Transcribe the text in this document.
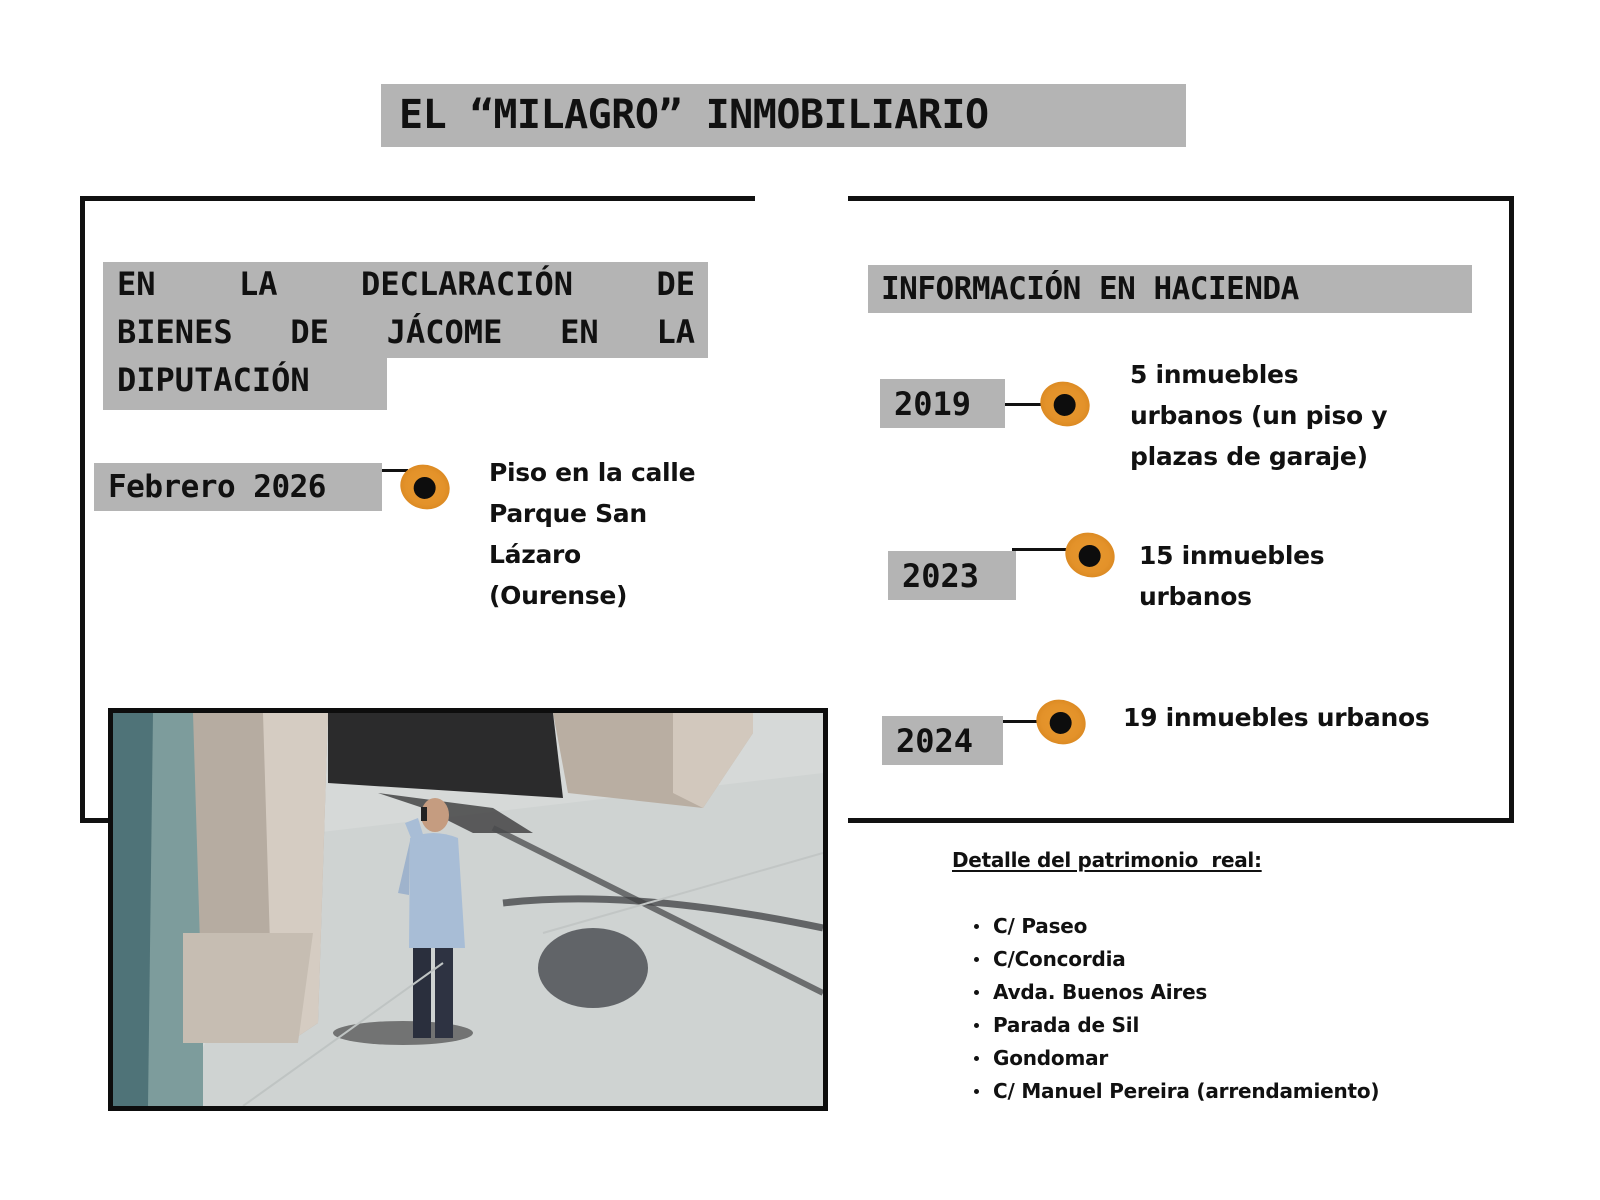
EL “MILAGRO” INMOBILIARIO
EN LA DECLARACIÓN DE
BIENES DE JÁCOME EN LA
DIPUTACIÓN
Febrero 2026	Piso en la calle
Parque San
Lázaro
(Ourense)
INFORMACIÓN EN HACIENDA
2019
5 inmuebles
urbanos (un piso y
plazas de garaje)
2023
15 inmuebles
urbanos
2024
19 inmuebles urbanos
Detalle del patrimonio  real:
C/ Paseo
C/Concordia
Avda. Buenos Aires
Parada de Sil
Gondomar
C/ Manuel Pereira (arrendamiento)
